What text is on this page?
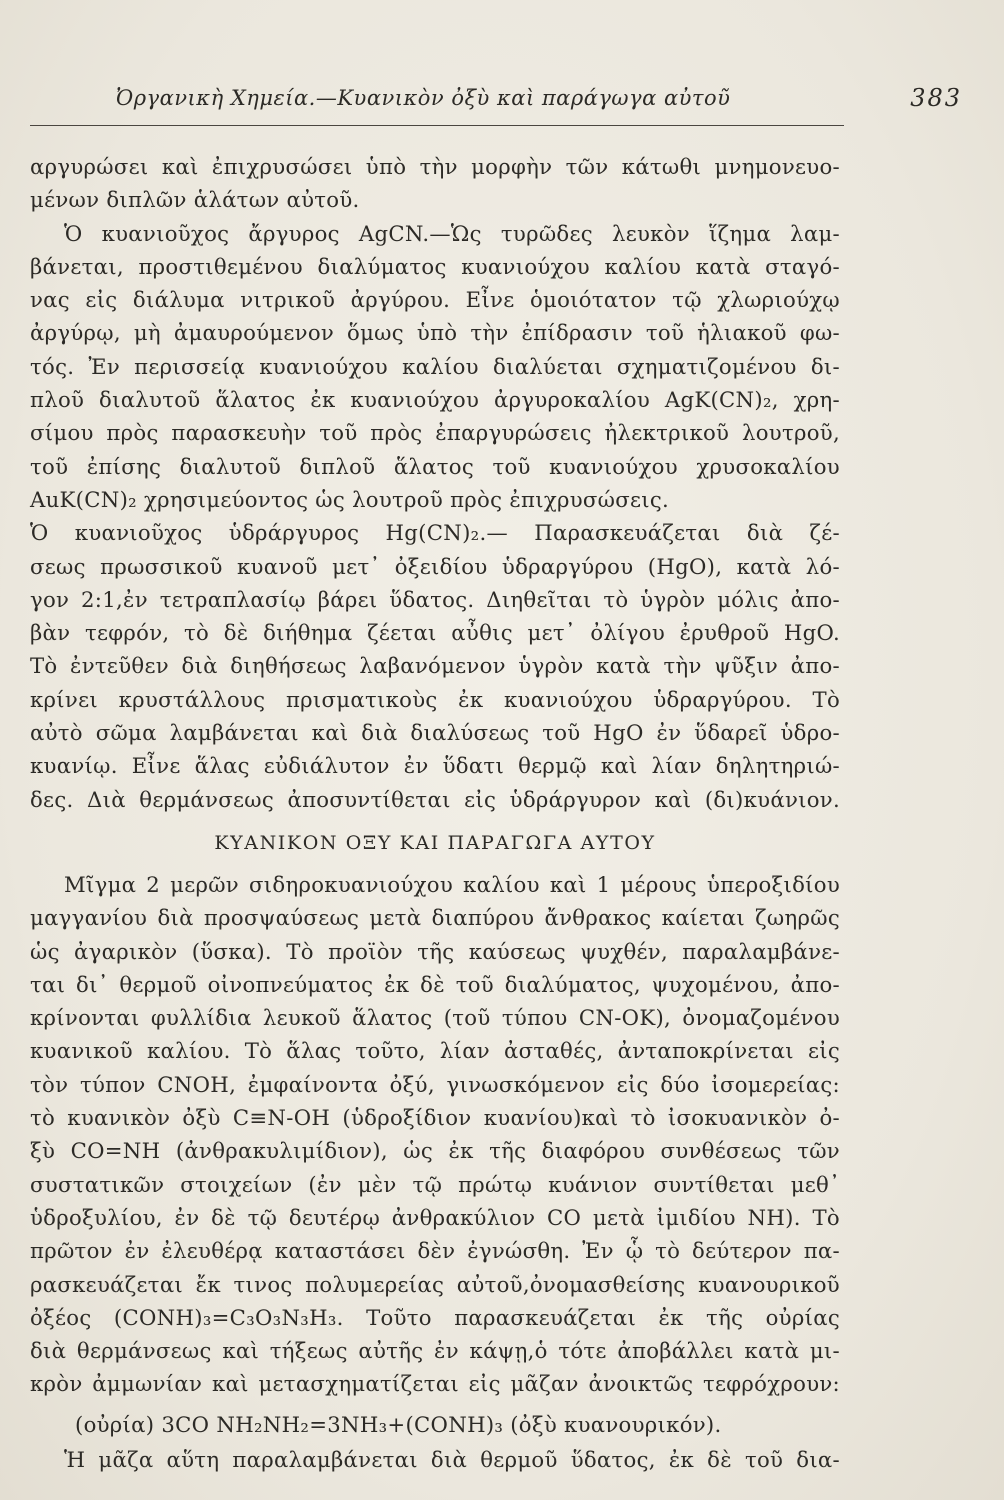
Ὀργανικὴ Χημεία.—Κυανικὸν ὀξὺ καὶ παράγωγα αὐτοῦ	383
αργυρώσει καὶ ἐπιχρυσώσει ὑπὸ τὴν μορφὴν τῶν κάτωθι μνημονευο-
μένων διπλῶν ἁλάτων αὐτοῦ.
Ὁ κυανιοῦχος ἄργυρος AgCN.—Ὡς τυρῶδες λευκὸν ἵζημα λαμ-
βάνεται, προστιθεμένου διαλύματος κυανιούχου καλίου κατὰ σταγό-
νας εἰς διάλυμα νιτρικοῦ ἀργύρου. Εἶνε ὁμοιότατον τῷ χλωριούχῳ
ἀργύρῳ, μὴ ἀμαυρούμενον ὅμως ὑπὸ τὴν ἐπίδρασιν τοῦ ἡλιακοῦ φω-
τός. Ἐν περισσείᾳ κυανιούχου καλίου διαλύεται σχηματιζομένου δι-
πλοῦ διαλυτοῦ ἅλατος ἐκ κυανιούχου ἀργυροκαλίου AgK(CN)₂, χρη-
σίμου πρὸς παρασκευὴν τοῦ πρὸς ἐπαργυρώσεις ἠλεκτρικοῦ λουτροῦ,
τοῦ ἐπίσης διαλυτοῦ διπλοῦ ἅλατος τοῦ κυανιούχου χρυσοκαλίου
AuK(CN)₂ χρησιμεύοντος ὡς λουτροῦ πρὸς ἐπιχρυσώσεις.
Ὁ κυανιοῦχος ὑδράργυρος Hg(CN)₂.— Παρασκευάζεται διὰ ζέ-
σεως πρωσσικοῦ κυανοῦ μετ᾽ ὀξειδίου ὑδραργύρου (HgO), κατὰ λό-
γον 2:1,ἐν τετραπλασίῳ βάρει ὕδατος. Διηθεῖται τὸ ὑγρὸν μόλις ἀπο-
βὰν τεφρόν, τὸ δὲ διήθημα ζέεται αὖθις μετ᾽ ὀλίγου ἐρυθροῦ HgO.
Τὸ ἐντεῦθεν διὰ διηθήσεως λαβανόμενον ὑγρὸν κατὰ τὴν ψῦξιν ἀπο-
κρίνει κρυστάλλους πρισματικοὺς ἐκ κυανιούχου ὑδραργύρου. Τὸ
αὐτὸ σῶμα λαμβάνεται καὶ διὰ διαλύσεως τοῦ HgO ἐν ὕδαρεῖ ὑδρο-
κυανίῳ. Εἶνε ἅλας εὐδιάλυτον ἐν ὕδατι θερμῷ καὶ λίαν δηλητηριώ-
δες. Διὰ θερμάνσεως ἀποσυντίθεται εἰς ὑδράργυρον καὶ (δι)κυάνιον.
ΚΥΑΝΙΚΟΝ ΟΞΥ ΚΑΙ ΠΑΡΑΓΩΓΑ ΑΥΤΟΥ
Μῖγμα 2 μερῶν σιδηροκυανιούχου καλίου καὶ 1 μέρους ὑπεροξιδίου
μαγγανίου διὰ προσψαύσεως μετὰ διαπύρου ἄνθρακος καίεται ζωηρῶς
ὡς ἀγαρικὸν (ὕσκα). Τὸ προϊὸν τῆς καύσεως ψυχθέν, παραλαμβάνε-
ται δι᾽ θερμοῦ οἰνοπνεύματος ἐκ δὲ τοῦ διαλύματος, ψυχομένου, ἀπο-
κρίνονται φυλλίδια λευκοῦ ἅλατος (τοῦ τύπου CN-OK), ὀνομαζομένου
κυανικοῦ καλίου. Τὸ ἅλας τοῦτο, λίαν ἀσταθές, ἀνταποκρίνεται εἰς
τὸν τύπον CNOH, ἐμφαίνοντα ὀξύ, γινωσκόμενον εἰς δύο ἰσομερείας:
τὸ κυανικὸν ὀξὺ C≡N-OH (ὑδροξίδιον κυανίου)καὶ τὸ ἰσοκυανικὸν ὀ-
ξὺ CO=NH (ἀνθρακυλιμίδιον), ὡς ἐκ τῆς διαφόρου συνθέσεως τῶν
συστατικῶν στοιχείων (ἐν μὲν τῷ πρώτῳ κυάνιον συντίθεται μεθ᾽
ὑδροξυλίου, ἐν δὲ τῷ δευτέρῳ ἀνθρακύλιον CO μετὰ ἰμιδίου NH). Τὸ
πρῶτον ἐν ἐλευθέρᾳ καταστάσει δὲν ἐγνώσθη. Ἐν ᾧ τὸ δεύτερον πα-
ρασκευάζεται ἔκ τινος πολυμερείας αὐτοῦ,ὀνομασθείσης κυανουρικοῦ
ὀξέος (CONH)₃=C₃O₃N₃H₃. Τοῦτο παρασκευάζεται ἐκ τῆς οὐρίας
διὰ θερμάνσεως καὶ τήξεως αὐτῆς ἐν κάψῃ,ὁ τότε ἀποβάλλει κατὰ μι-
κρὸν ἀμμωνίαν καὶ μετασχηματίζεται εἰς μᾶζαν ἀνοικτῶς τεφρόχρουν:
(οὐρία) 3CO NH₂NH₂=3NH₃+(CONH)₃ (ὀξὺ κυανουρικόν).
Ἡ μᾶζα αὕτη παραλαμβάνεται διὰ θερμοῦ ὕδατος, ἐκ δὲ τοῦ δια-
